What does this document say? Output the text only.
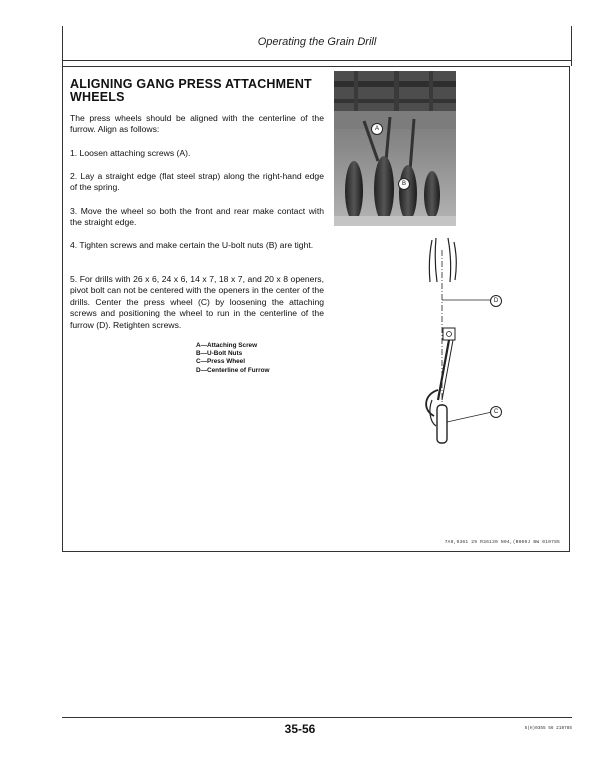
Operating the Grain Drill
ALIGNING GANG PRESS ATTACHMENT WHEELS

The press wheels should be aligned with the centerline of the furrow. Align as follows:

1. Loosen attaching screws (A).

2. Lay a straight edge (flat steel strap) along the right-hand edge of the spring.

3. Move the wheel so both the front and rear make contact with the straight edge.

4. Tighten screws and make certain the U-bolt nuts (B) are tight.

5. For drills with 26 x 6, 24 x 6, 14 x 7, 18 x 7, and 20 x 8 openers, pivot bolt can not be centered with the openers in the center of the drills. Center the press wheel (C) by loosening the attaching screws and positioning the wheel to run in the centerline of the furrow (D). Retighten screws.

A—Attaching Screw
B—U-Bolt Nuts
C—Press Wheel
D—Centerline of Furrow
A
B
D
C
7A9,9361 29 R36130 N04,(B000J BW 010785
35-56	5(H)0355 56 210785
